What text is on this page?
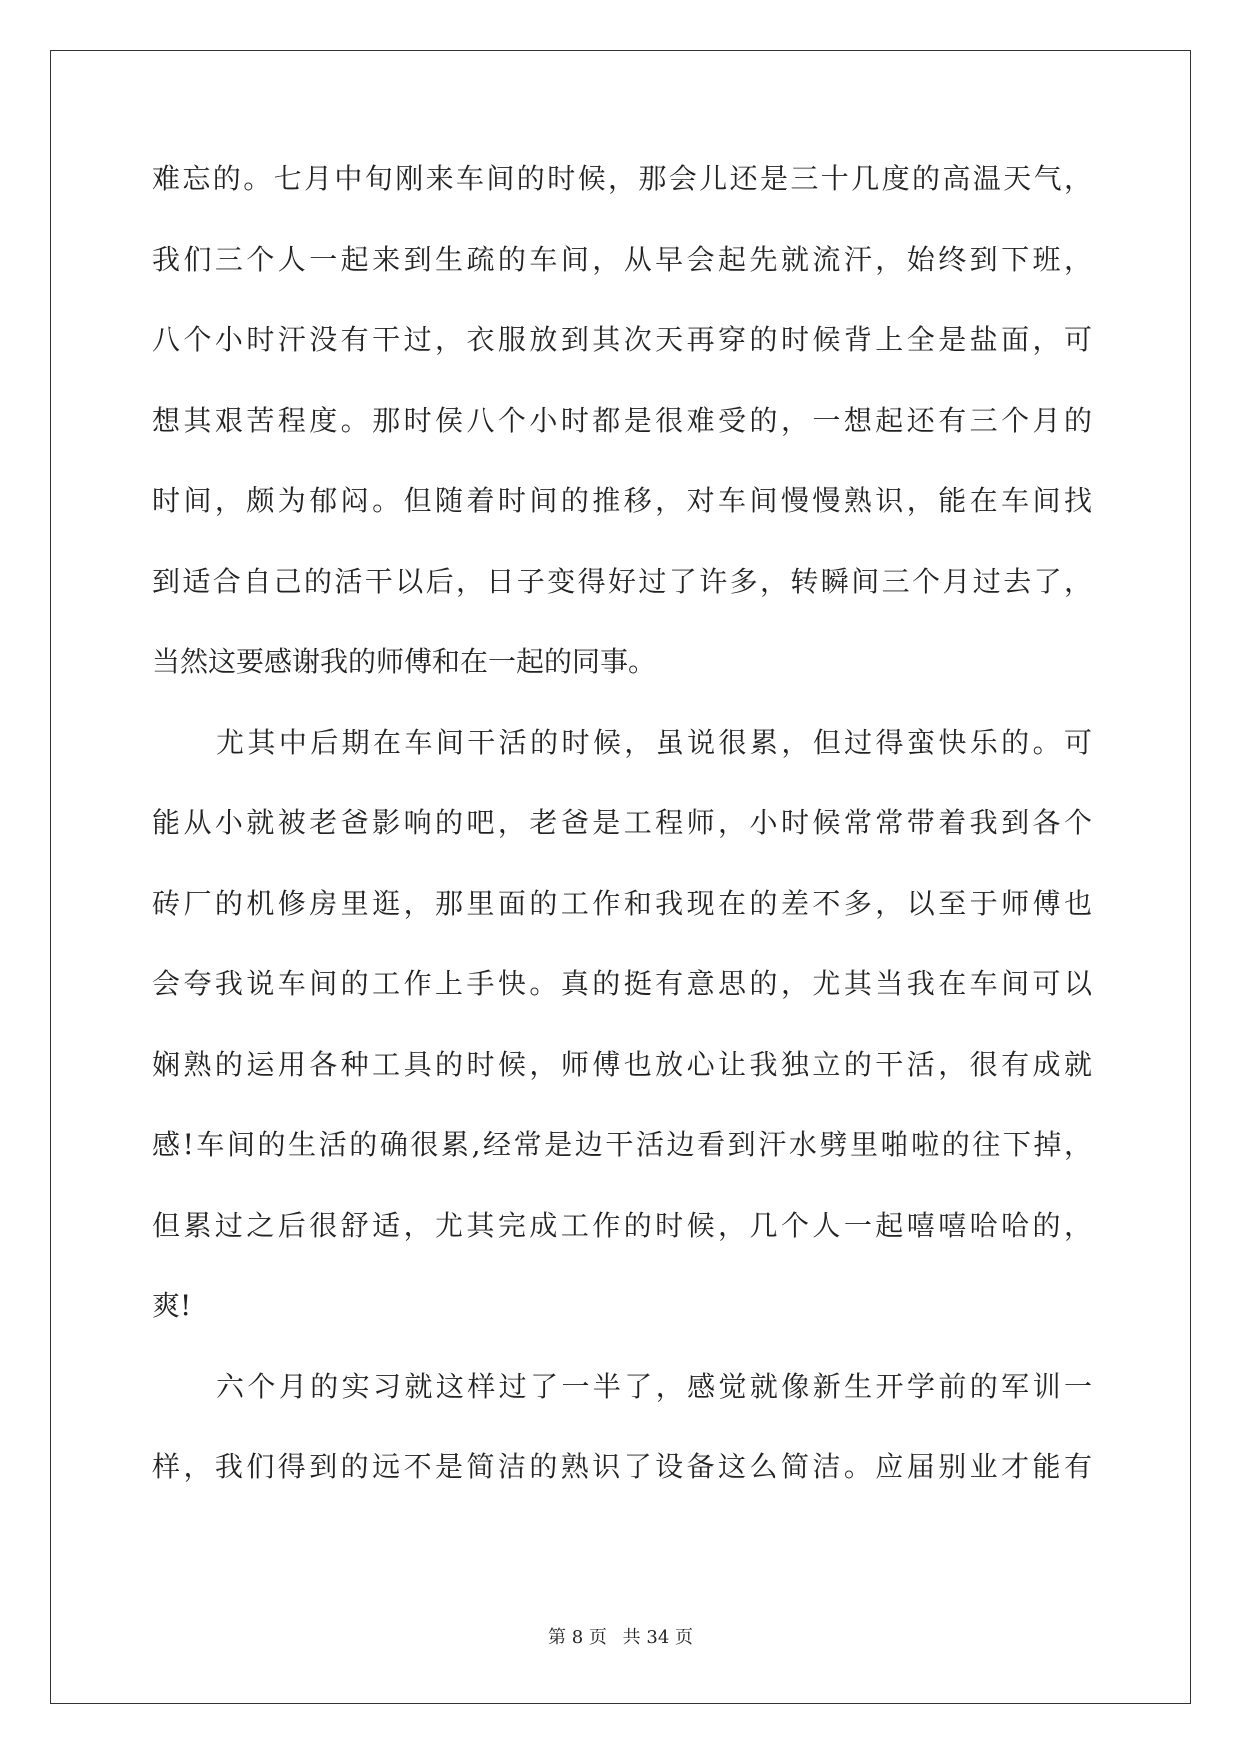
难忘的。七月中旬刚来车间的时候，那会儿还是三十几度的高温天气，
我们三个人一起来到生疏的车间，从早会起先就流汗，始终到下班，
八个小时汗没有干过，衣服放到其次天再穿的时候背上全是盐面，可
想其艰苦程度。那时侯八个小时都是很难受的，一想起还有三个月的
时间，颇为郁闷。但随着时间的推移，对车间慢慢熟识，能在车间找
到适合自己的活干以后，日子变得好过了许多，转瞬间三个月过去了，
当然这要感谢我的师傅和在一起的同事。
尤其中后期在车间干活的时候，虽说很累，但过得蛮快乐的。可
能从小就被老爸影响的吧，老爸是工程师，小时候常常带着我到各个
砖厂的机修房里逛，那里面的工作和我现在的差不多，以至于师傅也
会夸我说车间的工作上手快。真的挺有意思的，尤其当我在车间可以
娴熟的运用各种工具的时候，师傅也放心让我独立的干活，很有成就
感!车间的生活的确很累,经常是边干活边看到汗水劈里啪啦的往下掉，
但累过之后很舒适，尤其完成工作的时候，几个人一起嘻嘻哈哈的，
爽!
六个月的实习就这样过了一半了，感觉就像新生开学前的军训一
样，我们得到的远不是简洁的熟识了设备这么简洁。应届别业才能有
第 8 页 共 34 页
